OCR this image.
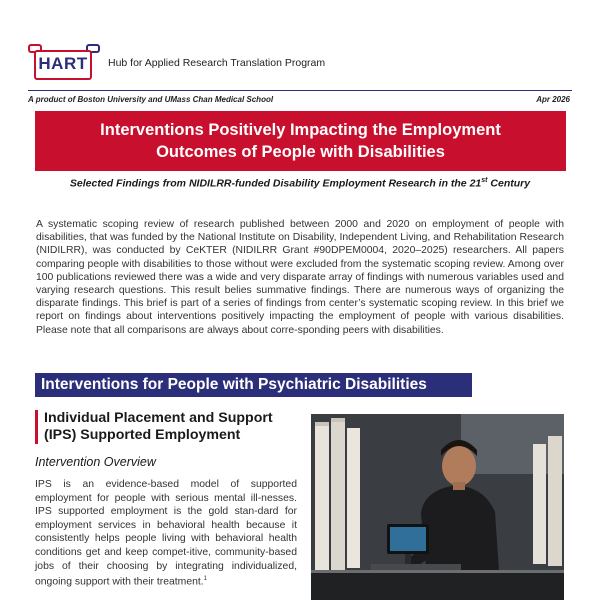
HART	Hub for Applied Research Translation Program
A product of Boston University and UMass Chan Medical School	Apr 2026
Interventions Positively Impacting the Employment
Outcomes of People with Disabilities
Selected Findings from NIDILRR-funded Disability Employment Research in the 21st Century

A systematic scoping review of research published between 2000 and 2020 on employment of people with disabilities, that was funded by the National Institute on Disability, Independent Living, and Rehabilitation Research (NIDILRR), was conducted by CeKTER (NIDILRR Grant #90DPEM0004, 2020–2025) researchers. All papers comparing people with disabilities to those without were excluded from the systematic scoping review. Among over 100 publications reviewed there was a wide and very disparate array of findings with numerous variables used and varying research questions. This result belies summative findings. There are numerous ways of organizing the disparate findings. This brief is part of a series of findings from center’s systematic scoping review. In this brief we report on findings about interventions positively impacting the employment of people with various disabilities. Please note that all comparisons are always about corre-sponding peers with disabilities.

Interventions for People with Psychiatric Disabilities
Individual Placement and Support
(IPS) Supported Employment
Intervention Overview

IPS is an evidence-based model of supported employment for people with serious mental ill-nesses. IPS supported employment is the gold stan-dard for employment services in behavioral health because it consistently helps people living with behavioral health conditions get and keep compet-itive, community-based jobs of their choosing by integrating individualized, ongoing support with their treatment.$^1$
